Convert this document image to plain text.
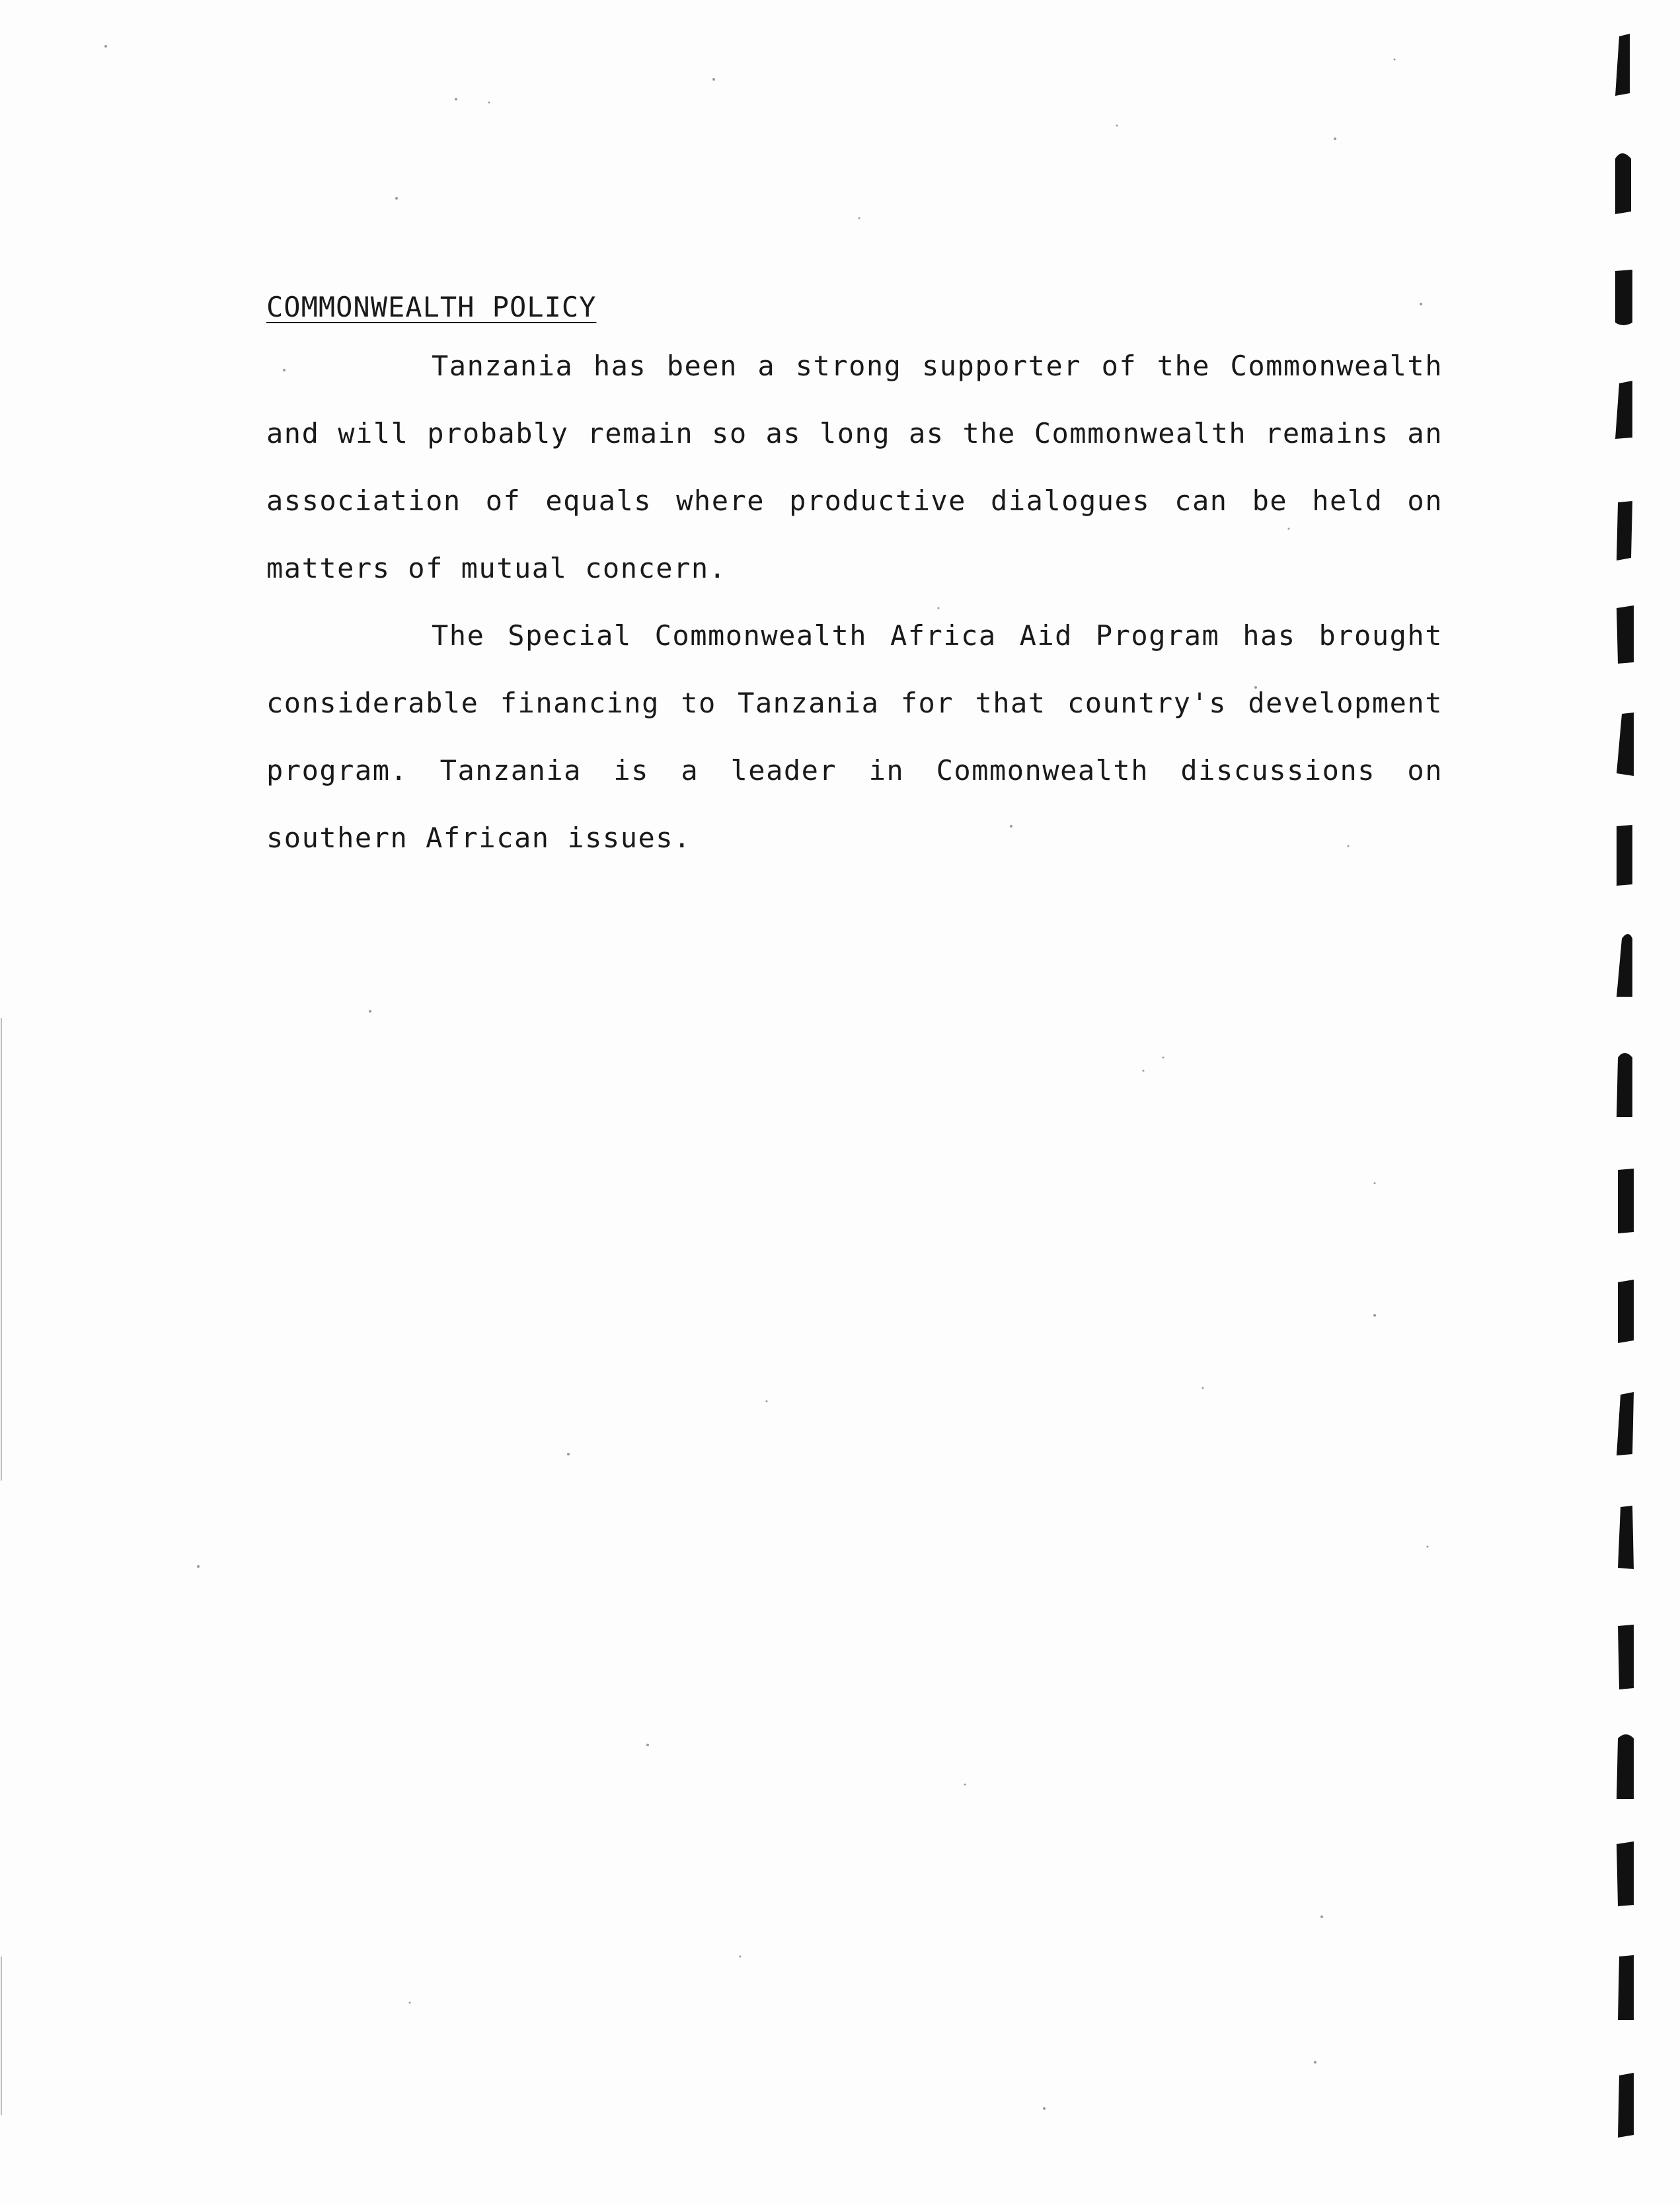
COMMONWEALTH POLICY

Tanzania has been a strong supporter of the Commonwealth and will probably remain so as long as the Commonwealth remains an association of equals where productive dialogues can be held on matters of mutual concern.

The Special Commonwealth Africa Aid Program has brought considerable financing to Tanzania for that country's development program. Tanzania is a leader in Commonwealth discussions on southern African issues.
